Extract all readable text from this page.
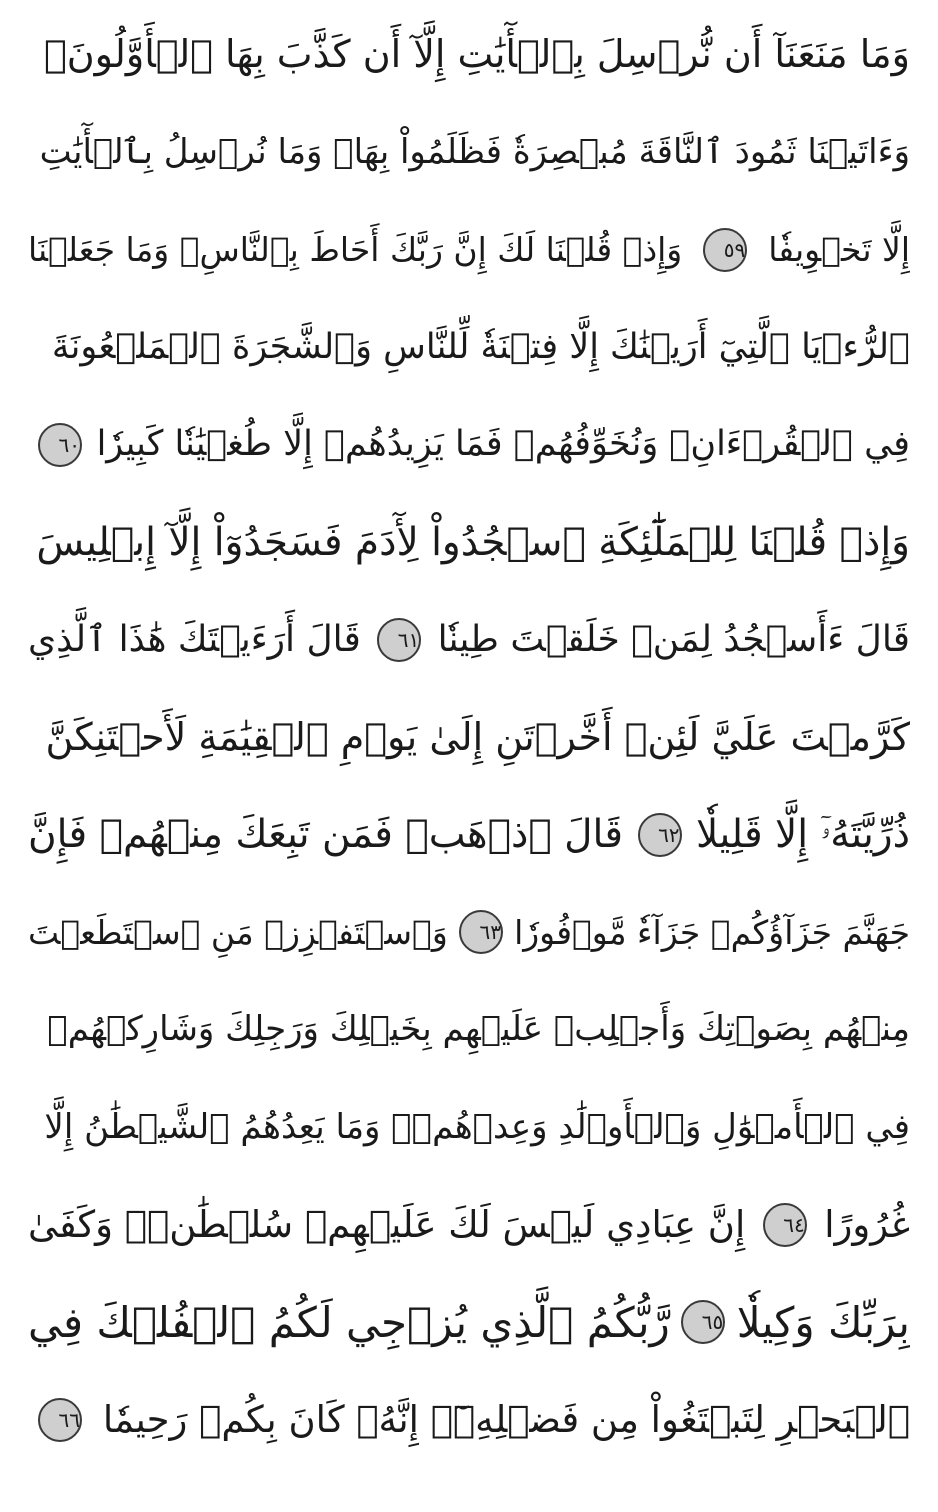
وَمَا مَنَعَنَآ أَن نُّرۡسِلَ بِٱلۡأٓيَٰتِ إِلَّآ أَن كَذَّبَ بِهَا ٱلۡأَوَّلُونَۚ
وَءَاتَيۡنَا ثَمُودَ ٱلنَّاقَةَ مُبۡصِرَةٗ فَظَلَمُواْ بِهَاۚ وَمَا نُرۡسِلُ بِٱلۡأٓيَٰتِ
إِلَّا تَخۡوِيفٗا
٥٩
وَإِذۡ قُلۡنَا لَكَ إِنَّ رَبَّكَ أَحَاطَ بِٱلنَّاسِۚ وَمَا جَعَلۡنَا
ٱلرُّءۡيَا ٱلَّتِيٓ أَرَيۡنَٰكَ إِلَّا فِتۡنَةٗ لِّلنَّاسِ وَٱلشَّجَرَةَ ٱلۡمَلۡعُونَةَ
فِي ٱلۡقُرۡءَانِۚ وَنُخَوِّفُهُمۡ فَمَا يَزِيدُهُمۡ إِلَّا طُغۡيَٰنٗا كَبِيرٗا
٦٠
وَإِذۡ قُلۡنَا لِلۡمَلَٰٓئِكَةِ ٱسۡجُدُواْ لِأٓدَمَ فَسَجَدُوٓاْ إِلَّآ إِبۡلِيسَ
قَالَ ءَأَسۡجُدُ لِمَنۡ خَلَقۡتَ طِينٗا
٦١
قَالَ أَرَءَيۡتَكَ هَٰذَا ٱلَّذِي
كَرَّمۡتَ عَلَيَّ لَئِنۡ أَخَّرۡتَنِ إِلَىٰ يَوۡمِ ٱلۡقِيَٰمَةِ لَأَحۡتَنِكَنَّ
ذُرِّيَّتَهُۥٓ إِلَّا قَلِيلٗا
٦٢
قَالَ ٱذۡهَبۡ فَمَن تَبِعَكَ مِنۡهُمۡ فَإِنَّ
جَهَنَّمَ جَزَآؤُكُمۡ جَزَآءٗ مَّوۡفُورٗا
٦٣
وَٱسۡتَفۡزِزۡ مَنِ ٱسۡتَطَعۡتَ
مِنۡهُم بِصَوۡتِكَ وَأَجۡلِبۡ عَلَيۡهِم بِخَيۡلِكَ وَرَجِلِكَ وَشَارِكۡهُمۡ
فِي ٱلۡأَمۡوَٰلِ وَٱلۡأَوۡلَٰدِ وَعِدۡهُمۡۚ وَمَا يَعِدُهُمُ ٱلشَّيۡطَٰنُ إِلَّا
غُرُورًا
٦٤
إِنَّ عِبَادِي لَيۡسَ لَكَ عَلَيۡهِمۡ سُلۡطَٰنٞۚ وَكَفَىٰ
بِرَبِّكَ وَكِيلٗا
٦٥
رَّبُّكُمُ ٱلَّذِي يُزۡجِي لَكُمُ ٱلۡفُلۡكَ فِي
ٱلۡبَحۡرِ لِتَبۡتَغُواْ مِن فَضۡلِهِۦٓۚ إِنَّهُۥ كَانَ بِكُمۡ رَحِيمٗا
٦٦
